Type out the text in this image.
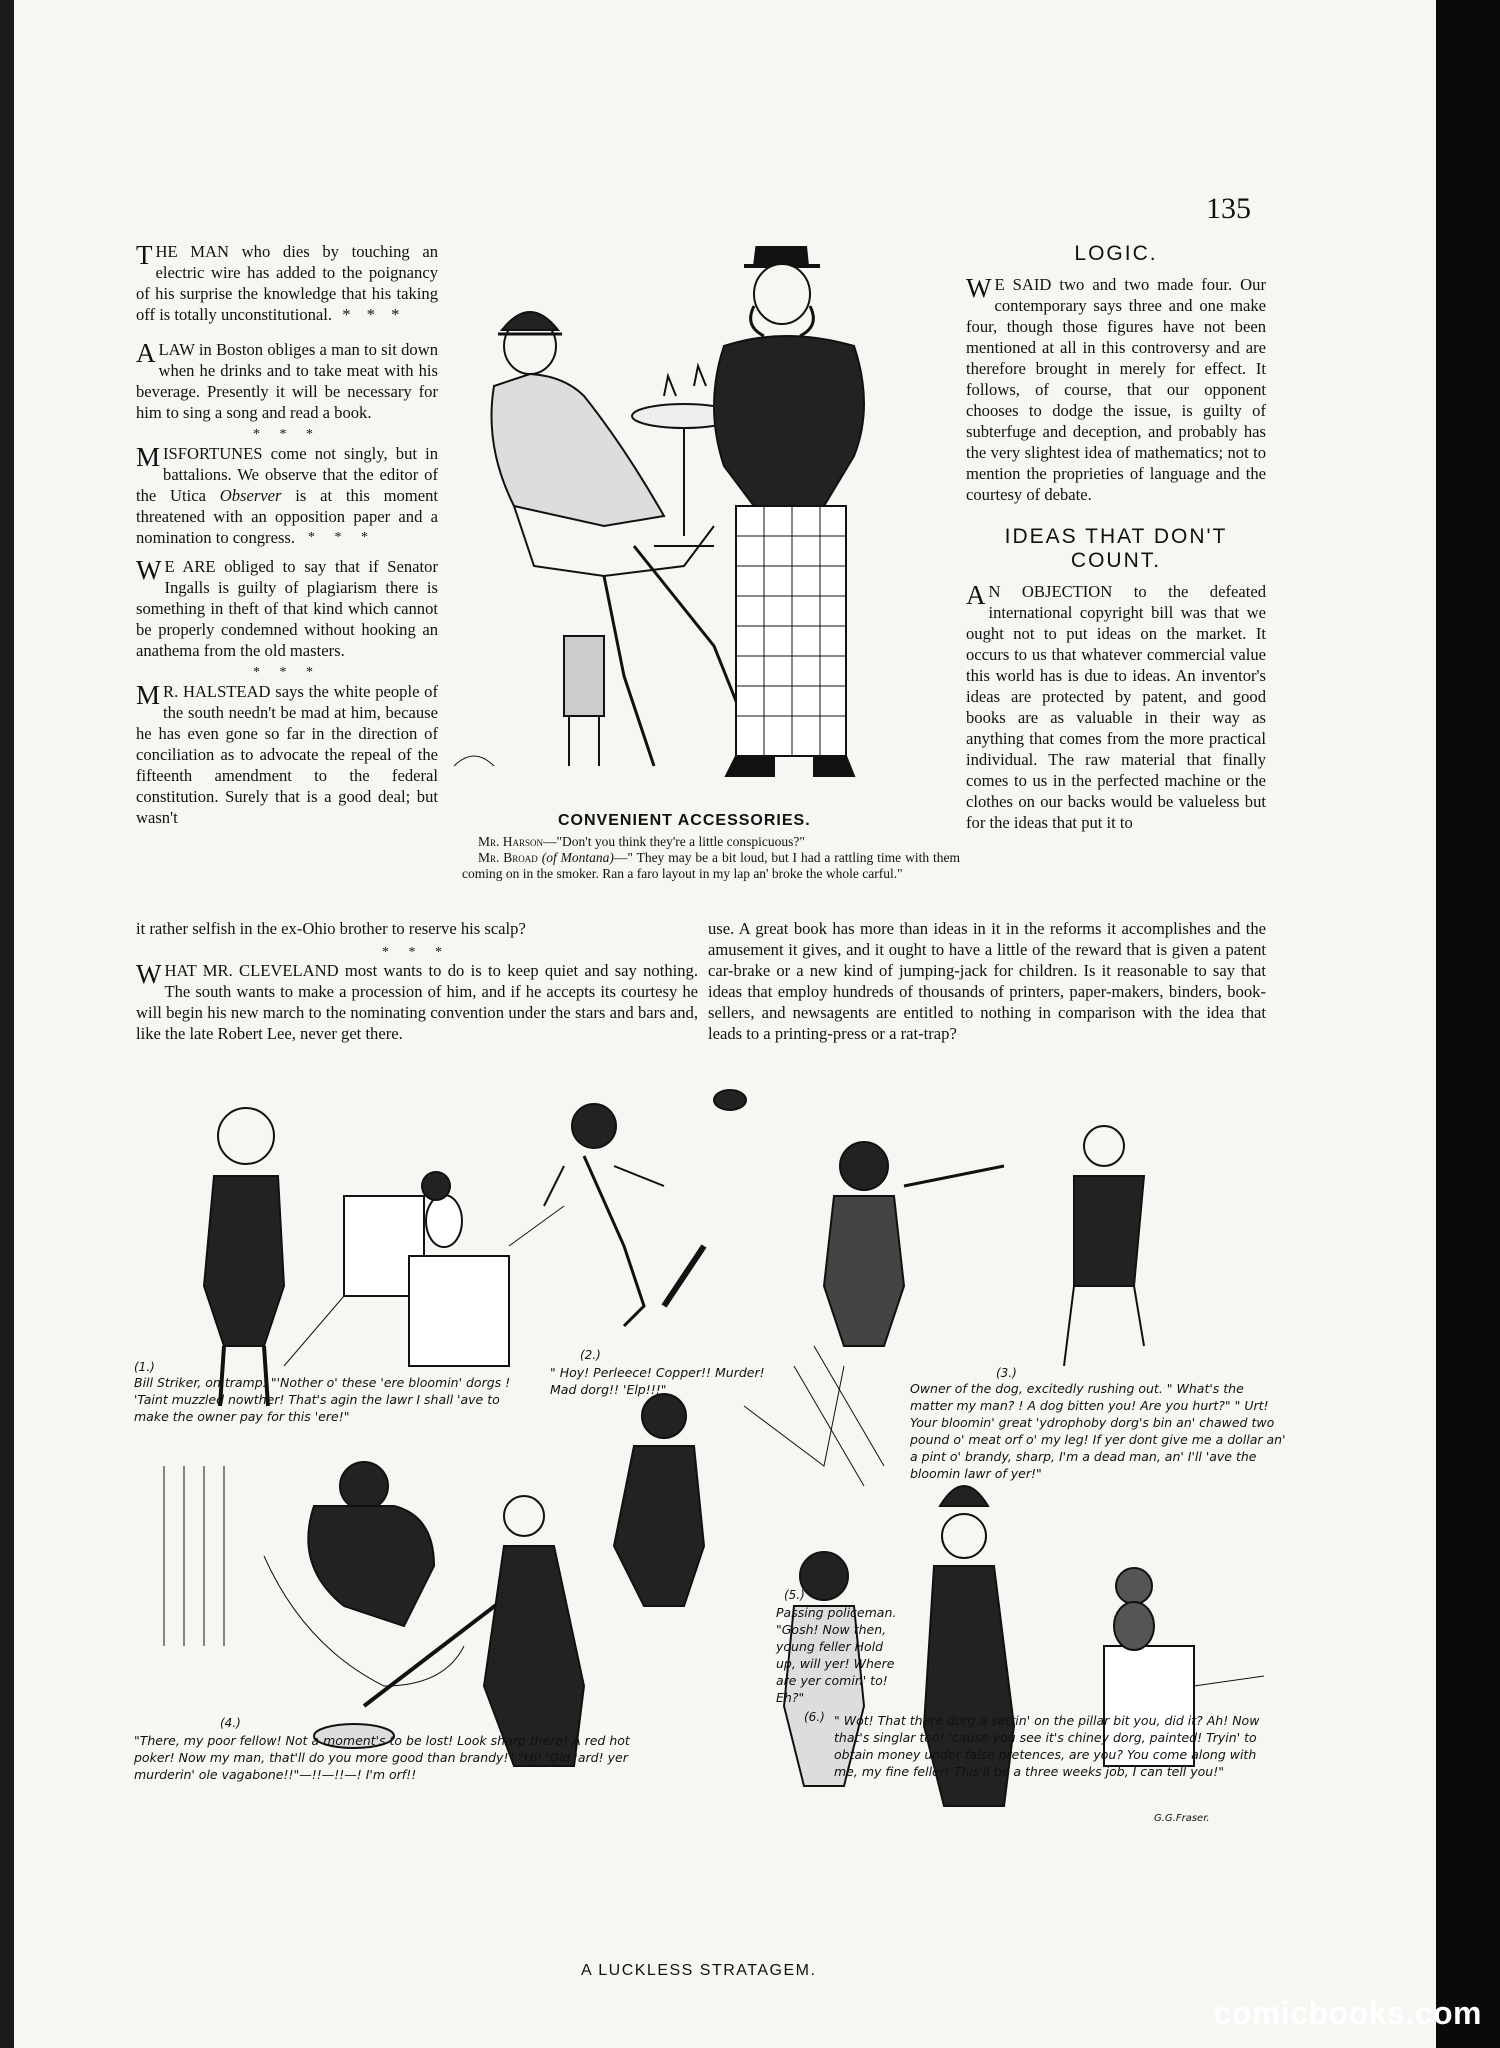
135

THE MAN who dies by touching an electric wire has added to the poignancy of his surprise the knowledge that his taking off is totally unconstitutional. * * *

A LAW in Boston obliges a man to sit down when he drinks and to take meat with his beverage. Presently it will be necessary for him to sing a song and read a book.

* * *

MISFORTUNES come not singly, but in battalions. We observe that the editor of the Utica Observer is at this moment threatened with an opposition paper and a nomination to congress. * * *

W E ARE obliged to say that if Senator Ingalls is guilty of plagiarism there is something in theft of that kind which cannot be properly condemned without hooking an anathema from the old masters.

* * *

M R. HALSTEAD says the white people of the south needn't be mad at him, because he has even gone so far in the direction of conciliation as to advocate the repeal of the fifteenth amendment to the federal constitution. Surely that is a good deal; but wasn't

it rather selfish in the ex-Ohio brother to reserve his scalp?
* * *

WHAT MR. CLEVELAND most wants to do is to keep quiet and say nothing. The south wants to make a procession of him, and if he accepts its courtesy he will begin his new march to the nominating convention under the stars and bars and, like the late Robert Lee, never get there.

LOGIC.

W E SAID two and two made four. Our contemporary says three and one make four, though those figures have not been mentioned at all in this controversy and are therefore brought in merely for effect. It follows, of course, that our opponent chooses to dodge the issue, is guilty of subterfuge and deception, and probably has the very slightest idea of mathematics; not to mention the proprieties of language and the courtesy of debate.

IDEAS THAT DON'T COUNT.

A N OBJECTION to the defeated international copyright bill was that we ought not to put ideas on the market. It occurs to us that whatever commercial value this world has is due to ideas. An inventor's ideas are protected by patent, and good books are as valuable in their way as anything that comes from the more practical individual. The raw material that finally comes to us in the perfected machine or the clothes on our backs would be valueless but for the ideas that put it to

use. A great book has more than ideas in it in the reforms it accomplishes and the amusement it gives, and it ought to have a little of the reward that is given a patent car-brake or a new kind of jumping-jack for children. Is it reasonable to say that ideas that employ hundreds of thousands of printers, paper-makers, binders, book-sellers, and newsagents are entitled to nothing in comparison with the idea that leads to a printing-press or a rat-trap?
CONVENIENT ACCESSORIES.

Mr. Harson—"Don't you think they're a little conspicuous?"

Mr. Broad (of Montana)—" They may be a bit loud, but I had a rattling time with them coming on in the smoker. Ran a faro layout in my lap an' broke the whole carful."

(1.)
Bill Striker, on tramp: "'Nother o' these 'ere bloomin' dorgs ! 'Taint muzzled nowther! That's agin the lawr I shall 'ave to make the owner pay for this 'ere!"
(2.)
" Hoy! Perleece! Copper!! Murder! Mad dorg!! 'Elp!!!"
(3.)
Owner of the dog, excitedly rushing out. " What's the matter my man? ! A dog bitten you! Are you hurt?" " Urt! Your bloomin' great 'ydrophoby dorg's bin an' chawed two pound o' meat orf o' my leg! If yer dont give me a dollar an' a pint o' brandy, sharp, I'm a dead man, an' I'll 'ave the bloomin lawr of yer!"
(4.)
"There, my poor fellow! Not a moment's to be lost! Look sharp there! A red hot poker! Now my man, that'll do you more good than brandy!" "Hi! 'Old 'ard! yer murderin' ole vagabone!!"—!!—!!—! I'm orf!!
(5.)
Passing policeman. "Gosh! Now then, young feller Hold up, will yer! Where are yer comin' to! Eh?"
(6.) " Wot! That there dorg a settin' on the pillar bit you, did it? Ah! Now that's singlar too! 'cause you see it's chiney dorg, painted! Tryin' to obtain money under false pretences, are you? You come along with me, my fine feller! This'll be a three weeks job, I can tell you!"
G.G.Fraser.
A LUCKLESS STRATAGEM.
comicbooks.com
